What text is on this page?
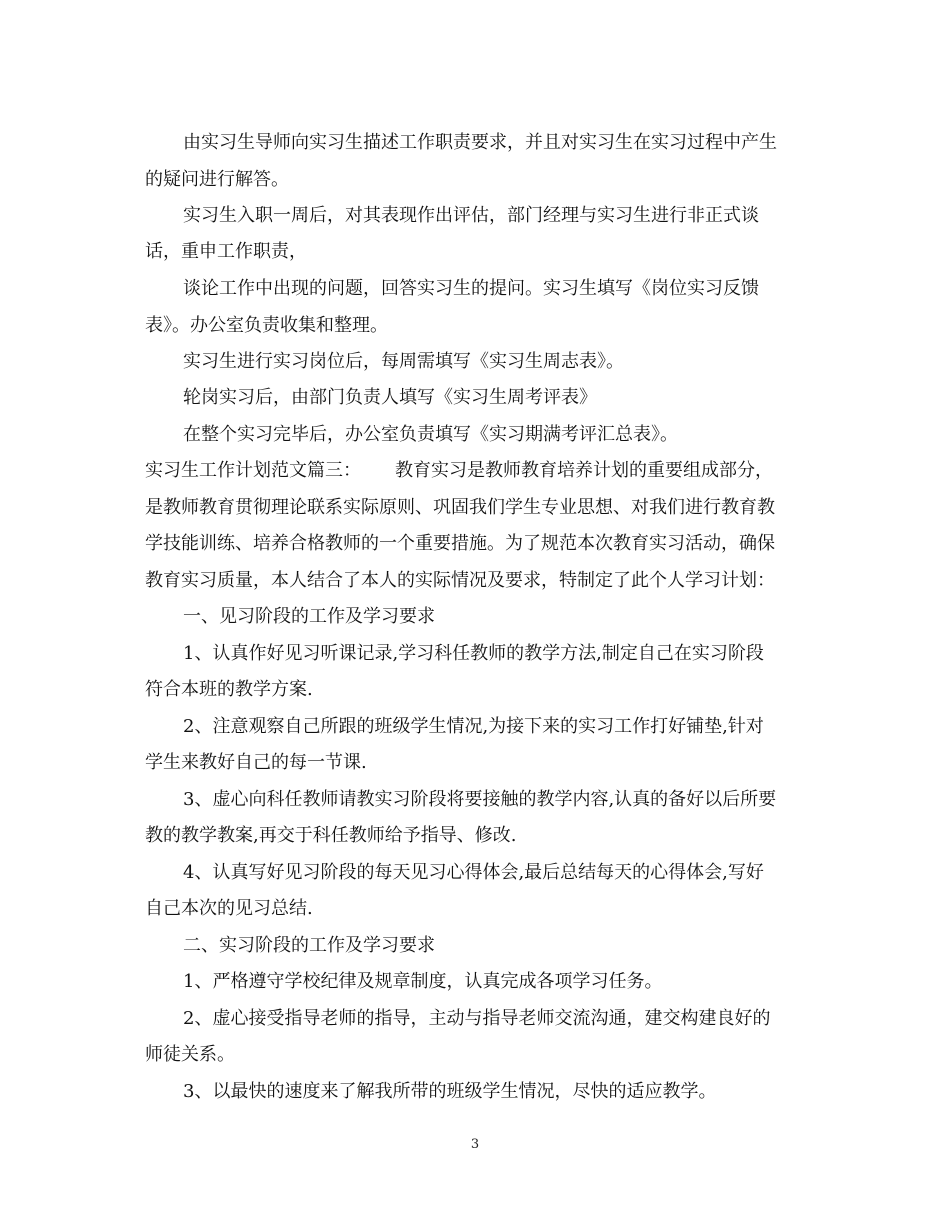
由实习生导师向实习生描述工作职责要求，并且对实习生在实习过程中产生
的疑问进行解答。
实习生入职一周后，对其表现作出评估，部门经理与实习生进行非正式谈
话，重申工作职责，
谈论工作中出现的问题，回答实习生的提问。实习生填写《岗位实习反馈
表》。办公室负责收集和整理。
实习生进行实习岗位后，每周需填写《实习生周志表》。
轮岗实习后，由部门负责人填写《实习生周考评表》
在整个实习完毕后，办公室负责填写《实习期满考评汇总表》。
实习生工作计划范文篇三： 教育实习是教师教育培养计划的重要组成部分，
是教师教育贯彻理论联系实际原则、巩固我们学生专业思想、对我们进行教育教
学技能训练、培养合格教师的一个重要措施。为了规范本次教育实习活动，确保
教育实习质量，本人结合了本人的实际情况及要求，特制定了此个人学习计划：
一、见习阶段的工作及学习要求
1、认真作好见习听课记录,学习科任教师的教学方法,制定自己在实习阶段
符合本班的教学方案.
2、注意观察自己所跟的班级学生情况,为接下来的实习工作打好铺垫,针对
学生来教好自己的每一节课.
3、虚心向科任教师请教实习阶段将要接触的教学内容,认真的备好以后所要
教的教学教案,再交于科任教师给予指导、修改.
4、认真写好见习阶段的每天见习心得体会,最后总结每天的心得体会,写好
自己本次的见习总结.
二、实习阶段的工作及学习要求
1、严格遵守学校纪律及规章制度，认真完成各项学习任务。
2、虚心接受指导老师的指导，主动与指导老师交流沟通，建交构建良好的
师徒关系。
3、以最快的速度来了解我所带的班级学生情况，尽快的适应教学。
3
